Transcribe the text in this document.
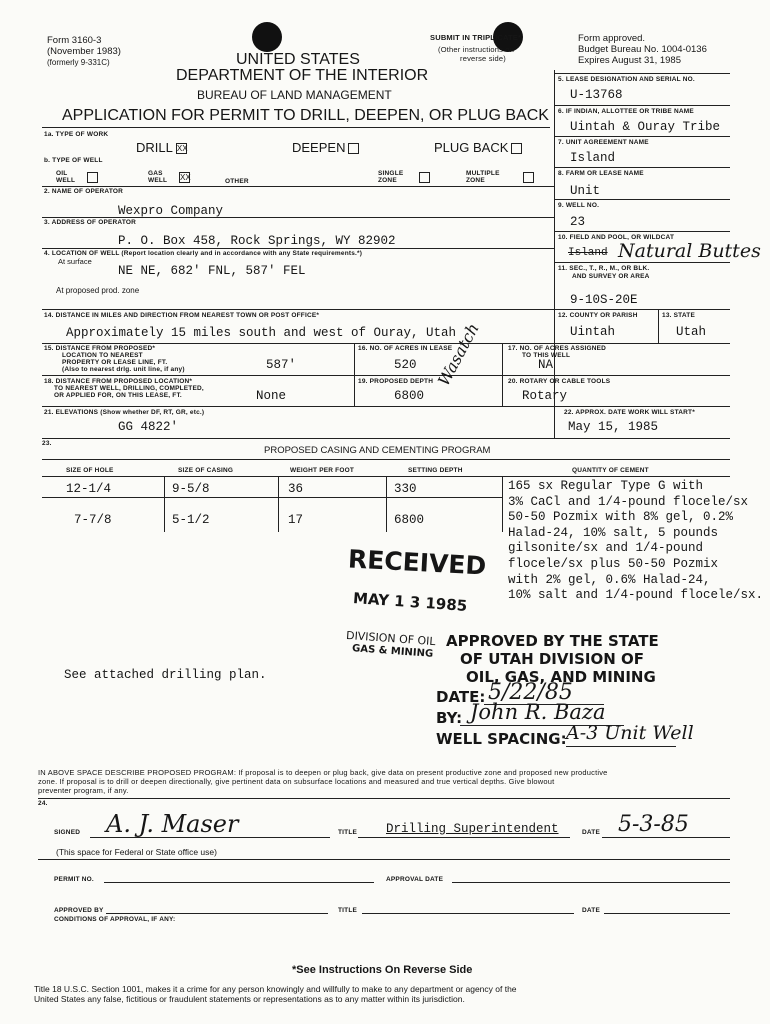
Form 3160-3
(November 1983)
(formerly 9-331C)
SUBMIT IN TRIPLICATE*
(Other instructions on
reverse side)
Form approved.
Budget Bureau No. 1004-0136
Expires August 31, 1985
UNITED STATES
DEPARTMENT OF THE INTERIOR
BUREAU OF LAND MANAGEMENT
APPLICATION FOR PERMIT TO DRILL, DEEPEN, OR PLUG BACK
5. LEASE DESIGNATION AND SERIAL NO.
U-13768
6. IF INDIAN, ALLOTTEE OR TRIBE NAME
Uintah & Ouray Tribe
7. UNIT AGREEMENT NAME
Island
8. FARM OR LEASE NAME
Unit
9. WELL NO.
23
10. FIELD AND POOL, OR WILDCAT
Island Natural Buttes
11. SEC., T., R., M., OR BLK.
AND SURVEY OR AREA
9-10S-20E
12. COUNTY OR PARISH	13. STATE
Uintah	Utah
1a. TYPE OF WORK
DRILL XX	DEEPEN	PLUG BACK
b. TYPE OF WELL
OIL WELL
GAS WELL	XX	OTHER
SINGLE ZONE
MULTIPLE ZONE
2. NAME OF OPERATOR
Wexpro Company
3. ADDRESS OF OPERATOR
P. O. Box 458, Rock Springs, WY 82902
4. LOCATION OF WELL (Report location clearly and in accordance with any State requirements.*)
At surface
NE NE, 682' FNL, 587' FEL
At proposed prod. zone
14. DISTANCE IN MILES AND DIRECTION FROM NEAREST TOWN OR POST OFFICE*
Approximately 15 miles south and west of Ouray, Utah
15. DISTANCE FROM PROPOSED*
LOCATION TO NEAREST
PROPERTY OR LEASE LINE, FT.
(Also to nearest drlg. unit line, if any)	587'
16. NO. OF ACRES IN LEASE
520
17. NO. OF ACRES ASSIGNED
TO THIS WELL
NA
18. DISTANCE FROM PROPOSED LOCATION*
TO NEAREST WELL, DRILLING, COMPLETED,
OR APPLIED FOR, ON THIS LEASE, FT.	None
19. PROPOSED DEPTH
6800
Wasatch	20. ROTARY OR CABLE TOOLS
Rotary
21. ELEVATIONS (Show whether DF, RT, GR, etc.)
GG 4822'
22. APPROX. DATE WORK WILL START*
May 15, 1985
23.
PROPOSED CASING AND CEMENTING PROGRAM
SIZE OF HOLE	SIZE OF CASING	WEIGHT PER FOOT	SETTING DEPTH	QUANTITY OF CEMENT
12-1/4	9-5/8	36	330
7-7/8	5-1/2	17	6800
165 sx Regular Type G with
3% CaCl and 1/4-pound flocele/sx
50-50 Pozmix with 8% gel, 0.2%
Halad-24, 10% salt, 5 pounds
gilsonite/sx and 1/4-pound
flocele/sx plus 50-50 Pozmix
with 2% gel, 0.6% Halad-24,
10% salt and 1/4-pound flocele/sx.
RECEIVED
MAY 1 3 1985
DIVISION OF OIL
GAS & MINING
APPROVED BY THE STATE
OF UTAH DIVISION OF
OIL, GAS, AND MINING
DATE: 5/22/85
BY: John R. Baza
WELL SPACING: A-3 Unit Well
See attached drilling plan.
IN ABOVE SPACE DESCRIBE PROPOSED PROGRAM: If proposal is to deepen or plug back, give data on present productive zone and proposed new productive
zone. If proposal is to drill or deepen directionally, give pertinent data on subsurface locations and measured and true vertical depths. Give blowout
preventer program, if any.
24.
SIGNED A. J. Maser	TITLE Drilling Superintendent	DATE 5-3-85
(This space for Federal or State office use)
PERMIT NO.	APPROVAL DATE
APPROVED BY	TITLE	DATE
CONDITIONS OF APPROVAL, IF ANY:
*See Instructions On Reverse Side
Title 18 U.S.C. Section 1001, makes it a crime for any person knowingly and willfully to make to any department or agency of the
United States any false, fictitious or fraudulent statements or representations as to any matter within its jurisdiction.
